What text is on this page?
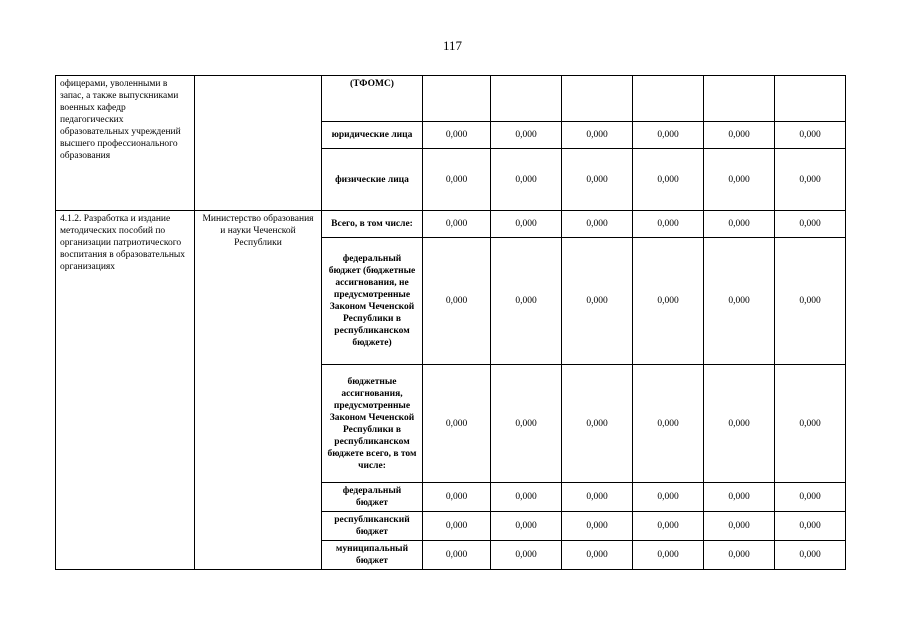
117
офицерами, уволенными в запас, а также выпускниками военных кафедр педагогических образовательных учреждений высшего профессионального образования		(ТФОМС)						
		юридические лица	0,000	0,000	0,000	0,000	0,000	0,000
		физические лица	0,000	0,000	0,000	0,000	0,000	0,000
4.1.2. Разработка и издание методических пособий по организации патриотического воспитания в образовательных организациях	Министерство образования и науки Чеченской Республики	Всего, в том числе:	0,000	0,000	0,000	0,000	0,000	0,000
		федеральный бюджет (бюджетные ассигнования, не предусмотренные Законом Чеченской Республики в республиканском бюджете)	0,000	0,000	0,000	0,000	0,000	0,000
		бюджетные ассигнования, предусмотренные Законом Чеченской Республики в республиканском бюджете всего, в том числе:	0,000	0,000	0,000	0,000	0,000	0,000
		федеральный бюджет	0,000	0,000	0,000	0,000	0,000	0,000
		республиканский бюджет	0,000	0,000	0,000	0,000	0,000	0,000
		муниципальный бюджет	0,000	0,000	0,000	0,000	0,000	0,000
